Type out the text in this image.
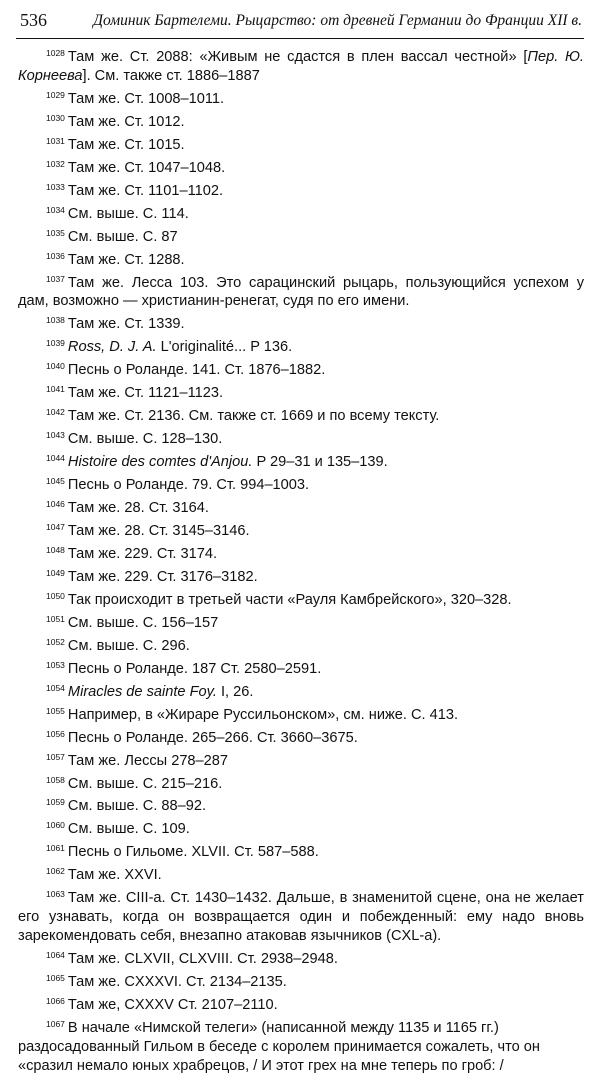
536	Доминик Бартелеми. Рыцарство: от древней Германии до Франции XII в.
$^{1028}$ Там же. Ст. 2088: «Живым не сдастся в плен вассал честной» [Пер. Ю. Корнеева]. См. также ст. 1886–1887
$^{1029}$ Там же. Ст. 1008–1011.
$^{1030}$ Там же. Ст. 1012.
$^{1031}$ Там же. Ст. 1015.
$^{1032}$ Там же. Ст. 1047–1048.
$^{1033}$ Там же. Ст. 1101–1102.
$^{1034}$ См. выше. С. 114.
$^{1035}$ См. выше. С. 87
$^{1036}$ Там же. Ст. 1288.
$^{1037}$ Там же. Лесса 103. Это сарацинский рыцарь, пользующийся успехом у дам, возможно — христианин-ренегат, судя по его имени.
$^{1038}$ Там же. Ст. 1339.
$^{1039}$ Ross, D. J. A. L'originalité... P 136.
$^{1040}$ Песнь о Роланде. 141. Ст. 1876–1882.
$^{1041}$ Там же. Ст. 1121–1123.
$^{1042}$ Там же. Ст. 2136. См. также ст. 1669 и по всему тексту.
$^{1043}$ См. выше. С. 128–130.
$^{1044}$ Histoire des comtes d'Anjou. P 29–31 и 135–139.
$^{1045}$ Песнь о Роланде. 79. Ст. 994–1003.
$^{1046}$ Там же. 28. Ст. 3164.
$^{1047}$ Там же. 28. Ст. 3145–3146.
$^{1048}$ Там же. 229. Ст. 3174.
$^{1049}$ Там же. 229. Ст. 3176–3182.
$^{1050}$ Так происходит в третьей части «Рауля Камбрейского», 320–328.
$^{1051}$ См. выше. С. 156–157
$^{1052}$ См. выше. С. 296.
$^{1053}$ Песнь о Роланде. 187 Ст. 2580–2591.
$^{1054}$ Miracles de sainte Foy. I, 26.
$^{1055}$ Например, в «Жираре Руссильонском», см. ниже. С. 413.
$^{1056}$ Песнь о Роланде. 265–266. Ст. 3660–3675.
$^{1057}$ Там же. Лессы 278–287
$^{1058}$ См. выше. С. 215–216.
$^{1059}$ См. выше. С. 88–92.
$^{1060}$ См. выше. С. 109.
$^{1061}$ Песнь о Гильоме. XLVII. Ст. 587–588.
$^{1062}$ Там же. XXVI.
$^{1063}$ Там же. CIII-а. Ст. 1430–1432. Дальше, в знаменитой сцене, она не желает его узнавать, когда он возвращается один и побежденный: ему надо вновь зарекомендовать себя, внезапно атаковав язычников (CXL-а).
$^{1064}$ Там же. CLXVII, CLXVIII. Ст. 2938–2948.
$^{1065}$ Там же. CXXXVI. Ст. 2134–2135.
$^{1066}$ Там же, CXXXV Ст. 2107–2110.
$^{1067}$ В начале «Нимской телеги» (написанной между 1135 и 1165 гг.) раздосадованный Гильом в беседе с королем принимается сожалеть, что он «сразил немало юных храбрецов, / И этот грех на мне теперь по гроб: /
